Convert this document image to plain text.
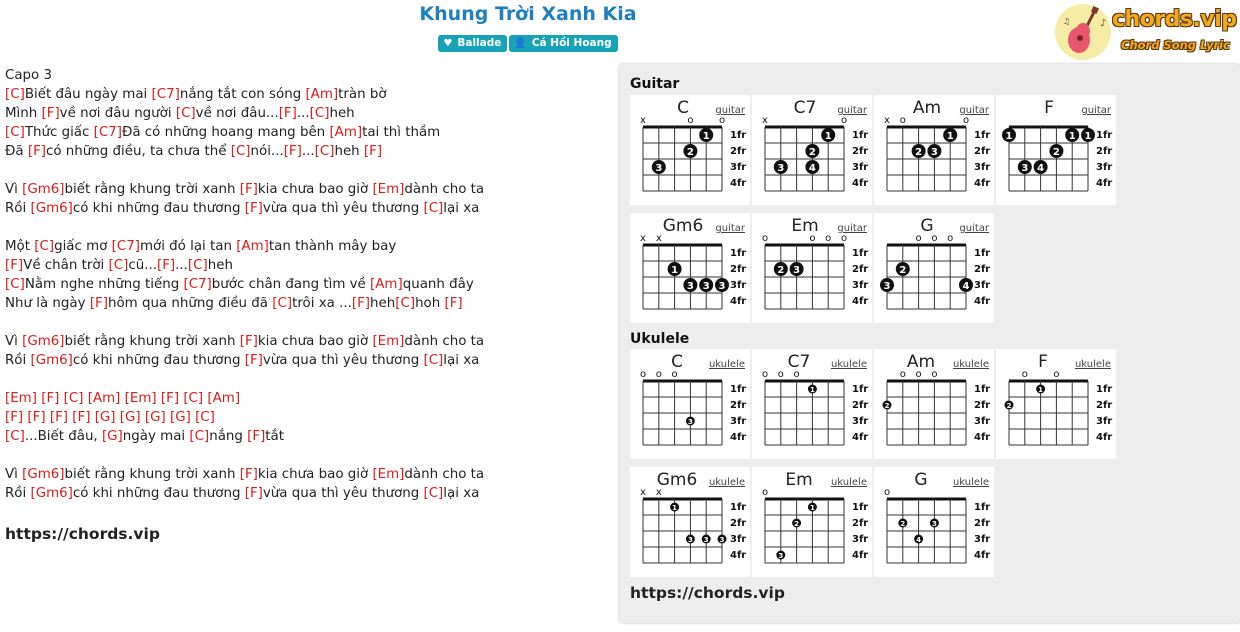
Khung Trời Xanh Kia
♥ Ballade 👤 Cá Hồi Hoang
♪
♫ chords.vip
Chord Song Lyric
Capo 3
[C]Biết đâu ngày mai [C7]nắng tắt con sóng [Am]tràn bờ
Mình [F]về nơi đâu người [C]về nơi đâu...[F]...[C]heh
[C]Thức giấc [C7]Đã có những hoang mang bên [Am]tai thì thầm
Đã [F]có những điều, ta chưa thể [C]nói...[F]...[C]heh [F]
Vì [Gm6]biết rằng khung trời xanh [F]kia chưa bao giờ [Em]dành cho ta
Rồi [Gm6]có khi những đau thương [F]vừa qua thì yêu thương [C]lại xa
Một [C]giấc mơ [C7]mới đó lại tan [Am]tan thành mây bay
[F]Về chân trời [C]cũ...[F]...[C]heh
[C]Nằm nghe những tiếng [C7]bước chân đang tìm về [Am]quanh đây
Như là ngày [F]hôm qua những điều đã [C]trôi xa ...[F]heh[C]hoh [F]
Vì [Gm6]biết rằng khung trời xanh [F]kia chưa bao giờ [Em]dành cho ta
Rồi [Gm6]có khi những đau thương [F]vừa qua thì yêu thương [C]lại xa
[Em] [F] [C] [Am] [Em] [F] [C] [Am]
[F] [F] [F] [F] [G] [G] [G] [G] [C]
[C]...Biết đâu, [G]ngày mai [C]nắng [F]tắt
Vì [Gm6]biết rằng khung trời xanh [F]kia chưa bao giờ [Em]dành cho ta
Rồi [Gm6]có khi những đau thương [F]vừa qua thì yêu thương [C]lại xa
https://chords.vip
Guitar
C	guitar
1fr
2fr
3fr
4fr
x	o	o
1
2
3
C7 guitar
1fr
2fr
3fr
4fr
x	o
1
2
3 4
Am guitar
1fr
2fr
3fr
4fr
x o	o
1
2 3
F	guitar
1fr
2fr
3fr
4fr
1	1 1
2
3 4
Gm6 guitar
1fr
2fr
3fr
4fr
x x
1
3 3 3
Em guitar
1fr
2fr
3fr
4fr
o	o o o
2 3
G	guitar
1fr
2fr
3fr
4fr
o o o
2
3	4
Ukulele
C	ukulele
1fr
2fr
3fr
4fr
o o o
3
C7 ukulele
1fr
2fr
3fr
4fr
o o o
1
Am ukulele
1fr
2fr
3fr
4fr
o o o
2
F	ukulele
1fr
2fr
3fr
4fr
o	o
1
2
Gm6 ukulele
1fr
2fr
3fr
4fr
x x
1
3 3 3
Em ukulele
1fr
2fr
3fr
4fr
o
1
2
3
G	ukulele
1fr
2fr
3fr
4fr
o
2	3
4
https://chords.vip
